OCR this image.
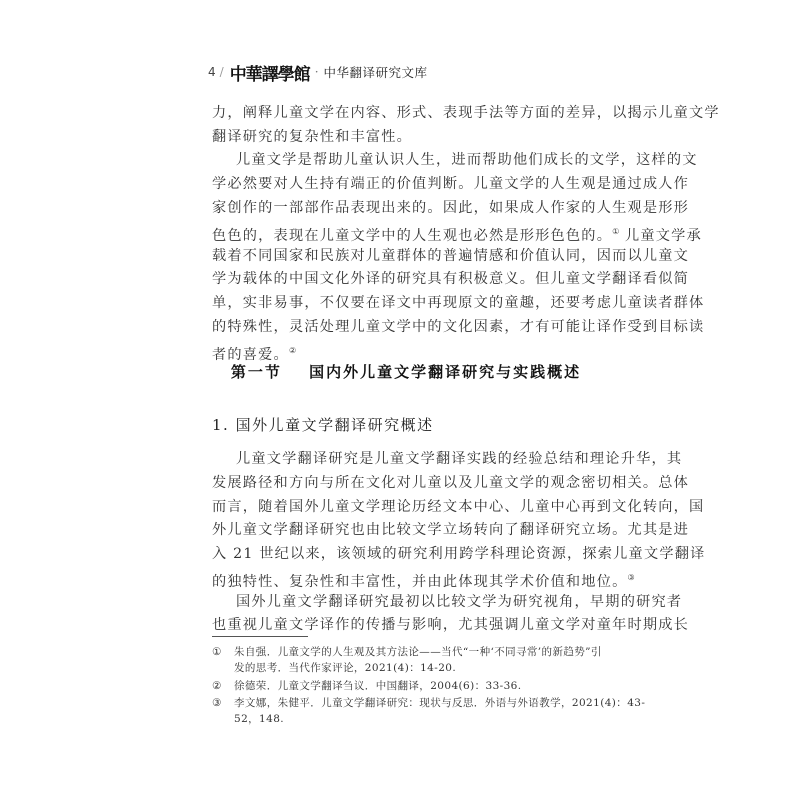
4 / 中華譯學館 · 中华翻译研究文库
力，阐释儿童文学在内容、形式、表现手法等方面的差异，以揭示儿童文学
翻译研究的复杂性和丰富性。
儿童文学是帮助儿童认识人生，进而帮助他们成长的文学，这样的文
学必然要对人生持有端正的价值判断。儿童文学的人生观是通过成人作
家创作的一部部作品表现出来的。因此，如果成人作家的人生观是形形
色色的，表现在儿童文学中的人生观也必然是形形色色的。① 儿童文学承
载着不同国家和民族对儿童群体的普遍情感和价值认同，因而以儿童文
学为载体的中国文化外译的研究具有积极意义。但儿童文学翻译看似简
单，实非易事，不仅要在译文中再现原文的童趣，还要考虑儿童读者群体
的特殊性，灵活处理儿童文学中的文化因素，才有可能让译作受到目标读
者的喜爱。②
第一节 国内外儿童文学翻译研究与实践概述
1. 国外儿童文学翻译研究概述
儿童文学翻译研究是儿童文学翻译实践的经验总结和理论升华，其
发展路径和方向与所在文化对儿童以及儿童文学的观念密切相关。总体
而言，随着国外儿童文学理论历经文本中心、儿童中心再到文化转向，国
外儿童文学翻译研究也由比较文学立场转向了翻译研究立场。尤其是进
入 21 世纪以来，该领域的研究利用跨学科理论资源，探索儿童文学翻译
的独特性、复杂性和丰富性，并由此体现其学术价值和地位。③
国外儿童文学翻译研究最初以比较文学为研究视角，早期的研究者
也重视儿童文学译作的传播与影响，尤其强调儿童文学对童年时期成长
① 朱自强．儿童文学的人生观及其方法论——当代“一种‘不同寻常’的新趋势”引
发的思考．当代作家评论，2021(4)：14-20.
② 徐德荣．儿童文学翻译刍议．中国翻译，2004(6)：33-36.
③ 李文娜，朱健平．儿童文学翻译研究：现状与反思．外语与外语教学，2021(4)：43-
52，148.
